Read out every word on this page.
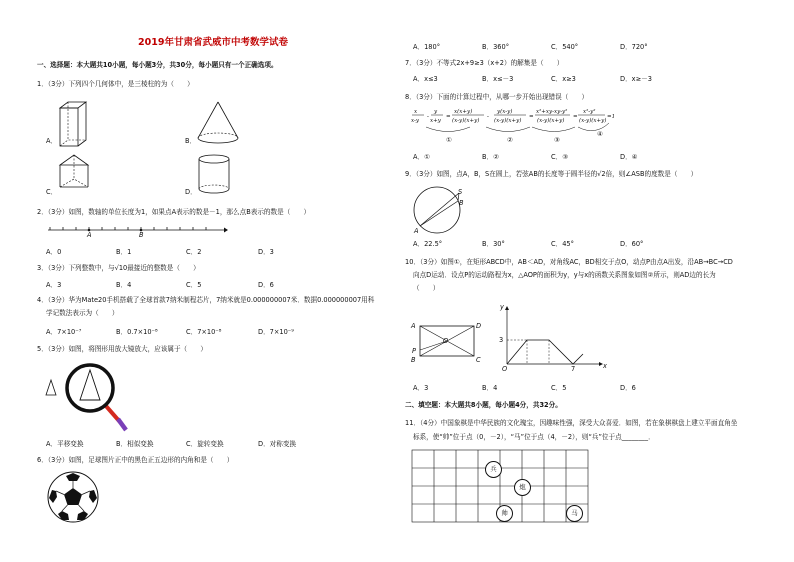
2019年甘肃省武威市中考数学试卷
一、选择题：本大题共10小题，每小题3分，共30分，每小题只有一个正确选项。
1．（3分）下列四个几何体中，是三棱柱的为（　　）
A．	B．
C．	D．
2．（3分）如图，数轴的单位长度为1，如果点A表示的数是－1，那么点B表示的数是（　　）
A	B
A．0	B．1	C．2	D．3
3．（3分）下列整数中，与√10最接近的整数是（　　）
A．3	B．4	C．5	D．6
4．（3分）华为Mate20手机搭载了全球首款7纳米制程芯片，7纳米就是0.000000007米．数据0.000000007用科
学记数法表示为（　　）
A．7×10⁻⁷	B．0.7×10⁻⁸	C．7×10⁻⁸	D．7×10⁻⁹
5．（3分）如图，将图形用放大镜放大，应该属于（　　）
A．平移变换	B．相似变换	C．旋转变换	D．对称变换
6．（3分）如图，足球图片正中的黑色正五边形的内角和是（　　）
A．180°	B．360°	C．540°	D．720°
7．（3分）不等式2x+9≥3（x+2）的解集是（　　）
A．x≤3	B．x≤－3	C．x≥3	D．x≥－3
8．（3分）下面的计算过程中，从哪一步开始出现错误（　　）
x
x-y
-
y
x+y
=
x(x+y)
(x-y)(x+y)
-
y(x-y)
(x-y)(x+y)
=
x²+xy-xy-y²
(x-y)(x+y)
=
x²-y²
(x-y)(x+y)
=1
①	②	③
④
A．①	B．②	C．③	D．④
9．（3分）如图，点A，B，S在圆上，若弦AB的长度等于圆半径的√2倍，则∠ASB的度数是（　　）
S
B
A
A．22.5°	B．30°	C．45°	D．60°
10．（3分）如图①，在矩形ABCD中，AB＜AD，对角线AC，BD相交于点O，动点P由点A出发，沿AB→BC→CD
向点D运动．设点P的运动路程为x，△AOP的面积为y，y与x的函数关系图象如图②所示，则AD边的长为
（　　）
A	D
O
P
B	C
y
3
O	7	x
A．3	B．4	C．5	D．6
二、填空题：本大题共8小题，每小题4分，共32分。
11．（4分）中国象棋是中华民族的文化瑰宝，因趣味性强，深受大众喜爱．如图，若在象棋棋盘上建立平面直角坐
标系，使“帅”位于点（0，－2），“马”位于点（4，－2），则“兵”位于点________．
兵
炮
帅	马
